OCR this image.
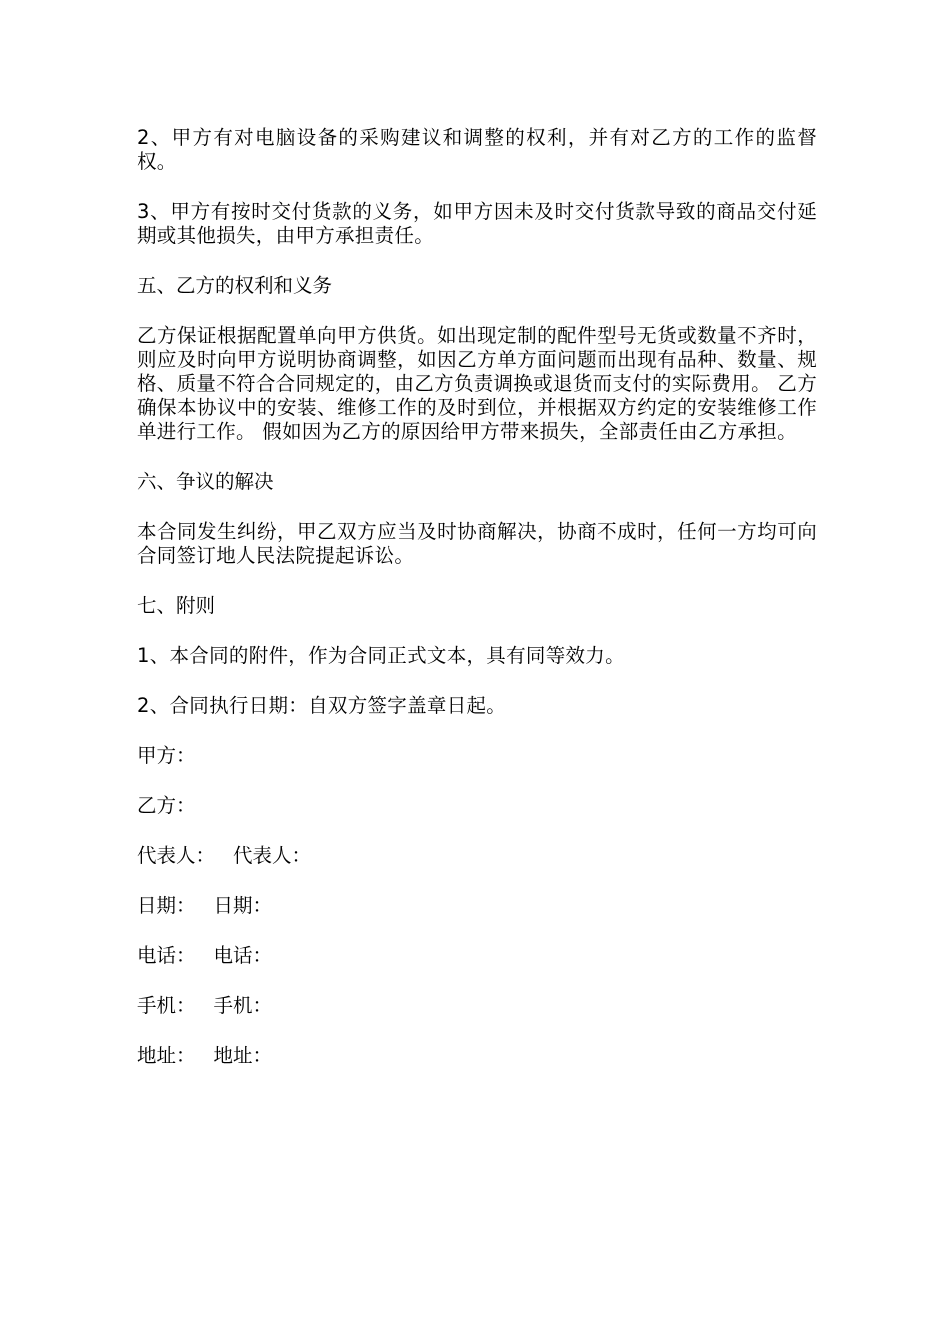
2、甲方有对电脑设备的采购建议和调整的权利，并有对乙方的工作的监督权。

3、甲方有按时交付货款的义务，如甲方因未及时交付货款导致的商品交付延期或其他损失，由甲方承担责任。

五、乙方的权利和义务

乙方保证根据配置单向甲方供货。如出现定制的配件型号无货或数量不齐时，则应及时向甲方说明协商调整，如因乙方单方面问题而出现有品种、数量、规格、质量不符合合同规定的，由乙方负责调换或退货而支付的实际费用。 乙方确保本协议中的安装、维修工作的及时到位，并根据双方约定的安装维修工作单进行工作。 假如因为乙方的原因给甲方带来损失，全部责任由乙方承担。

六、争议的解决

本合同发生纠纷，甲乙双方应当及时协商解决，协商不成时，任何一方均可向合同签订地人民法院提起诉讼。

七、附则

1、本合同的附件，作为合同正式文本，具有同等效力。

2、合同执行日期：自双方签字盖章日起。

甲方：

乙方：

代表人： 代表人：

日期： 日期：

电话： 电话：

手机： 手机：

地址： 地址：
